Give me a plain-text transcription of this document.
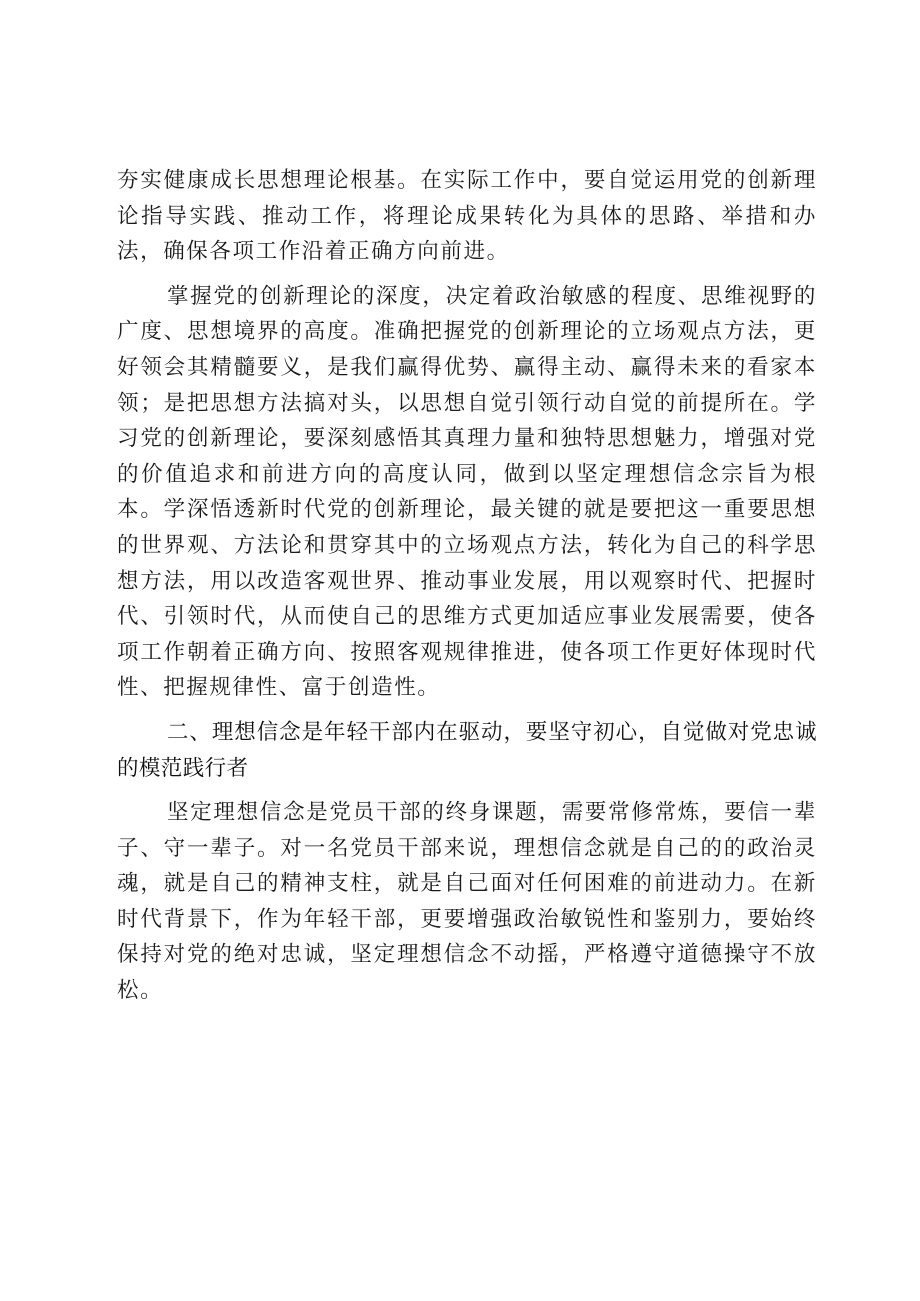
夯实健康成长思想理论根基。在实际工作中，要自觉运用党的创新理论指导实践、推动工作，将理论成果转化为具体的思路、举措和办法，确保各项工作沿着正确方向前进。

掌握党的创新理论的深度，决定着政治敏感的程度、思维视野的广度、思想境界的高度。准确把握党的创新理论的立场观点方法，更好领会其精髓要义，是我们赢得优势、赢得主动、赢得未来的看家本领；是把思想方法搞对头，以思想自觉引领行动自觉的前提所在。学习党的创新理论，要深刻感悟其真理力量和独特思想魅力，增强对党的价值追求和前进方向的高度认同，做到以坚定理想信念宗旨为根本。学深悟透新时代党的创新理论，最关键的就是要把这一重要思想的世界观、方法论和贯穿其中的立场观点方法，转化为自己的科学思想方法，用以改造客观世界、推动事业发展，用以观察时代、把握时代、引领时代，从而使自己的思维方式更加适应事业发展需要，使各项工作朝着正确方向、按照客观规律推进，使各项工作更好体现时代性、把握规律性、富于创造性。

二、理想信念是年轻干部内在驱动，要坚守初心，自觉做对党忠诚的模范践行者

坚定理想信念是党员干部的终身课题，需要常修常炼，要信一辈子、守一辈子。对一名党员干部来说，理想信念就是自己的的政治灵魂，就是自己的精神支柱，就是自己面对任何困难的前进动力。在新时代背景下，作为年轻干部，更要增强政治敏锐性和鉴别力，要始终保持对党的绝对忠诚，坚定理想信念不动摇，严格遵守道德操守不放松。
